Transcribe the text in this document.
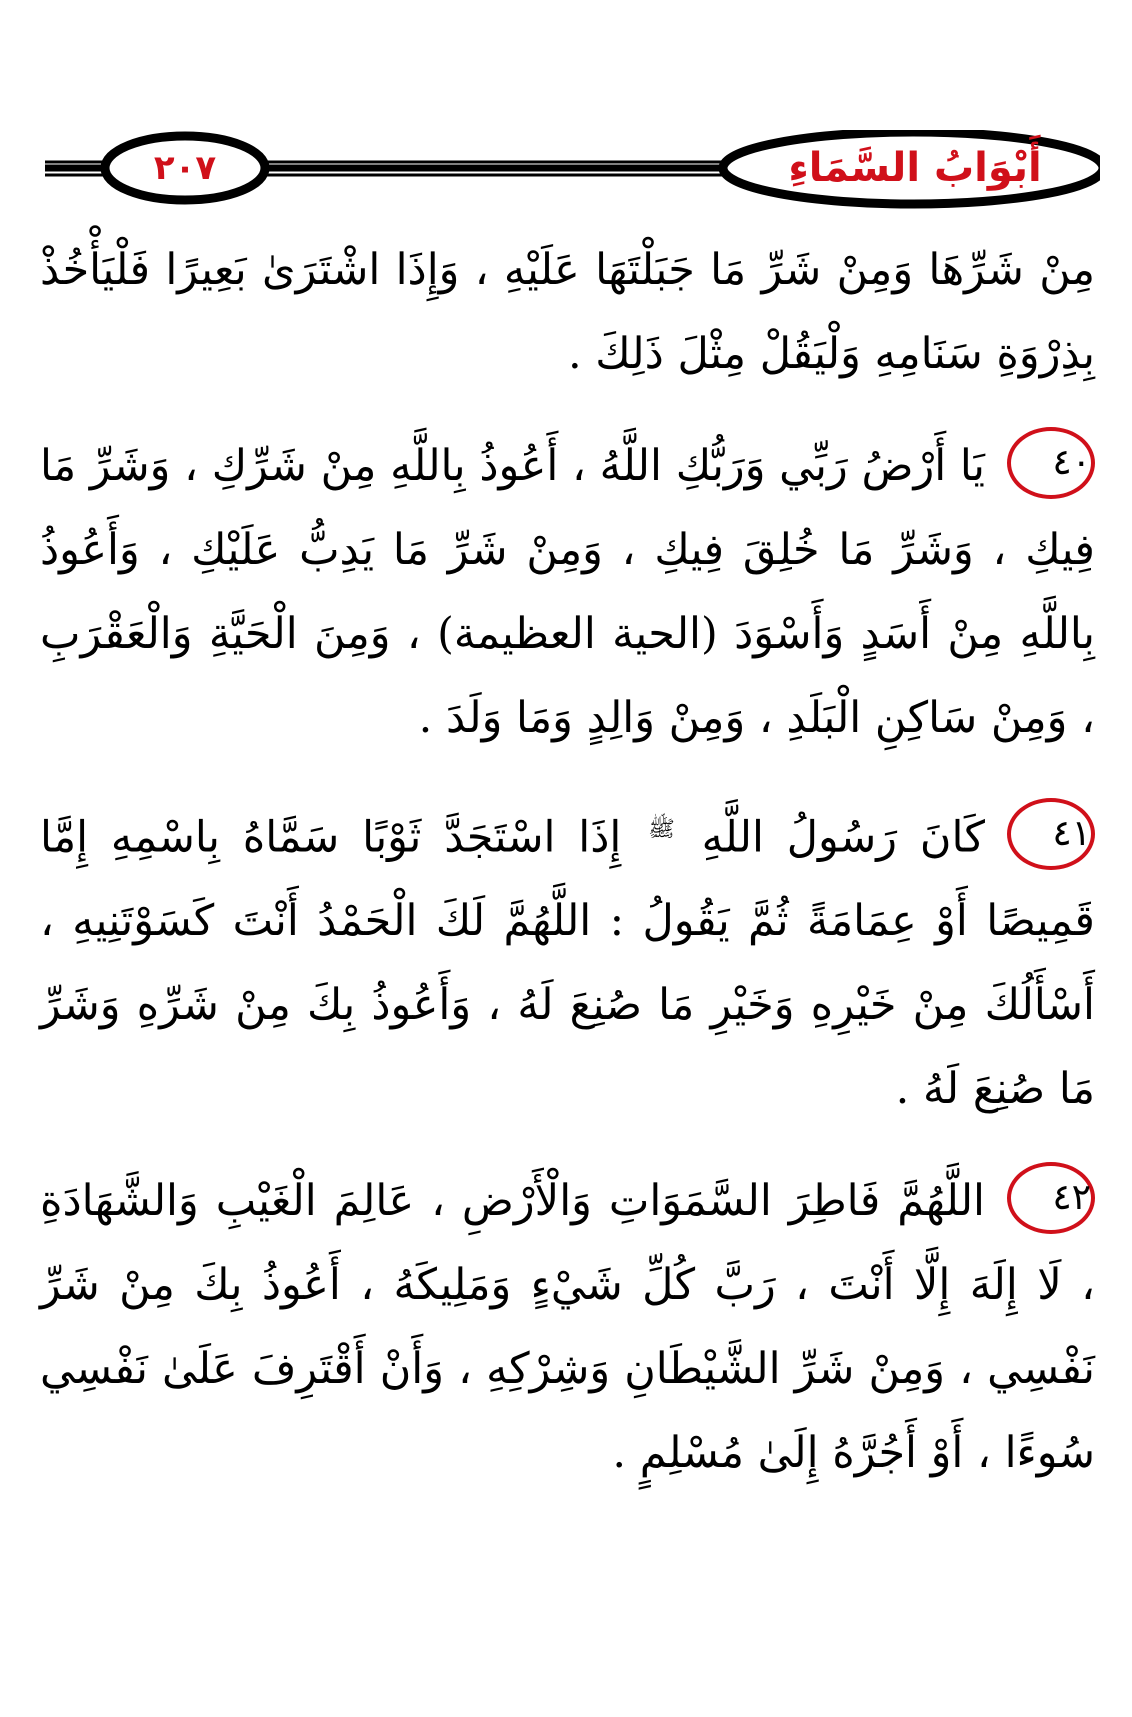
٢٠٧	أَبْوَابُ السَّمَاءِ

مِنْ شَرِّهَا وَمِنْ شَرِّ مَا جَبَلْتَهَا عَلَيْهِ ، وَإِذَا اشْتَرَىٰ بَعِيرًا فَلْيَأْخُذْ بِذِرْوَةِ سَنَامِهِ وَلْيَقُلْ مِثْلَ ذَلِكَ .

٤٠يَا أَرْضُ رَبِّي وَرَبُّكِ اللَّهُ ، أَعُوذُ بِاللَّهِ مِنْ شَرِّكِ ، وَشَرِّ مَا فِيكِ ، وَشَرِّ مَا خُلِقَ فِيكِ ، وَمِنْ شَرِّ مَا يَدِبُّ عَلَيْكِ ، وَأَعُوذُ بِاللَّهِ مِنْ أَسَدٍ وَأَسْوَدَ (الحية العظيمة) ، وَمِنَ الْحَيَّةِ وَالْعَقْرَبِ ، وَمِنْ سَاكِنِ الْبَلَدِ ، وَمِنْ وَالِدٍ وَمَا وَلَدَ .

٤١كَانَ رَسُولُ اللَّهِ $^ﷺ$ إِذَا اسْتَجَدَّ ثَوْبًا سَمَّاهُ بِاسْمِهِ إِمَّا قَمِيصًا أَوْ عِمَامَةً ثُمَّ يَقُولُ : اللَّهُمَّ لَكَ الْحَمْدُ أَنْتَ كَسَوْتَنِيهِ ، أَسْأَلُكَ مِنْ خَيْرِهِ وَخَيْرِ مَا صُنِعَ لَهُ ، وَأَعُوذُ بِكَ مِنْ شَرِّهِ وَشَرِّ مَا صُنِعَ لَهُ .

٤٢اللَّهُمَّ فَاطِرَ السَّمَوَاتِ وَالْأَرْضِ ، عَالِمَ الْغَيْبِ وَالشَّهَادَةِ ، لَا إِلَهَ إِلَّا أَنْتَ ، رَبَّ كُلِّ شَيْءٍ وَمَلِيكَهُ ، أَعُوذُ بِكَ مِنْ شَرِّ نَفْسِي ، وَمِنْ شَرِّ الشَّيْطَانِ وَشِرْكِهِ ، وَأَنْ أَقْتَرِفَ عَلَىٰ نَفْسِي سُوءًا ، أَوْ أَجُرَّهُ إِلَىٰ مُسْلِمٍ .
